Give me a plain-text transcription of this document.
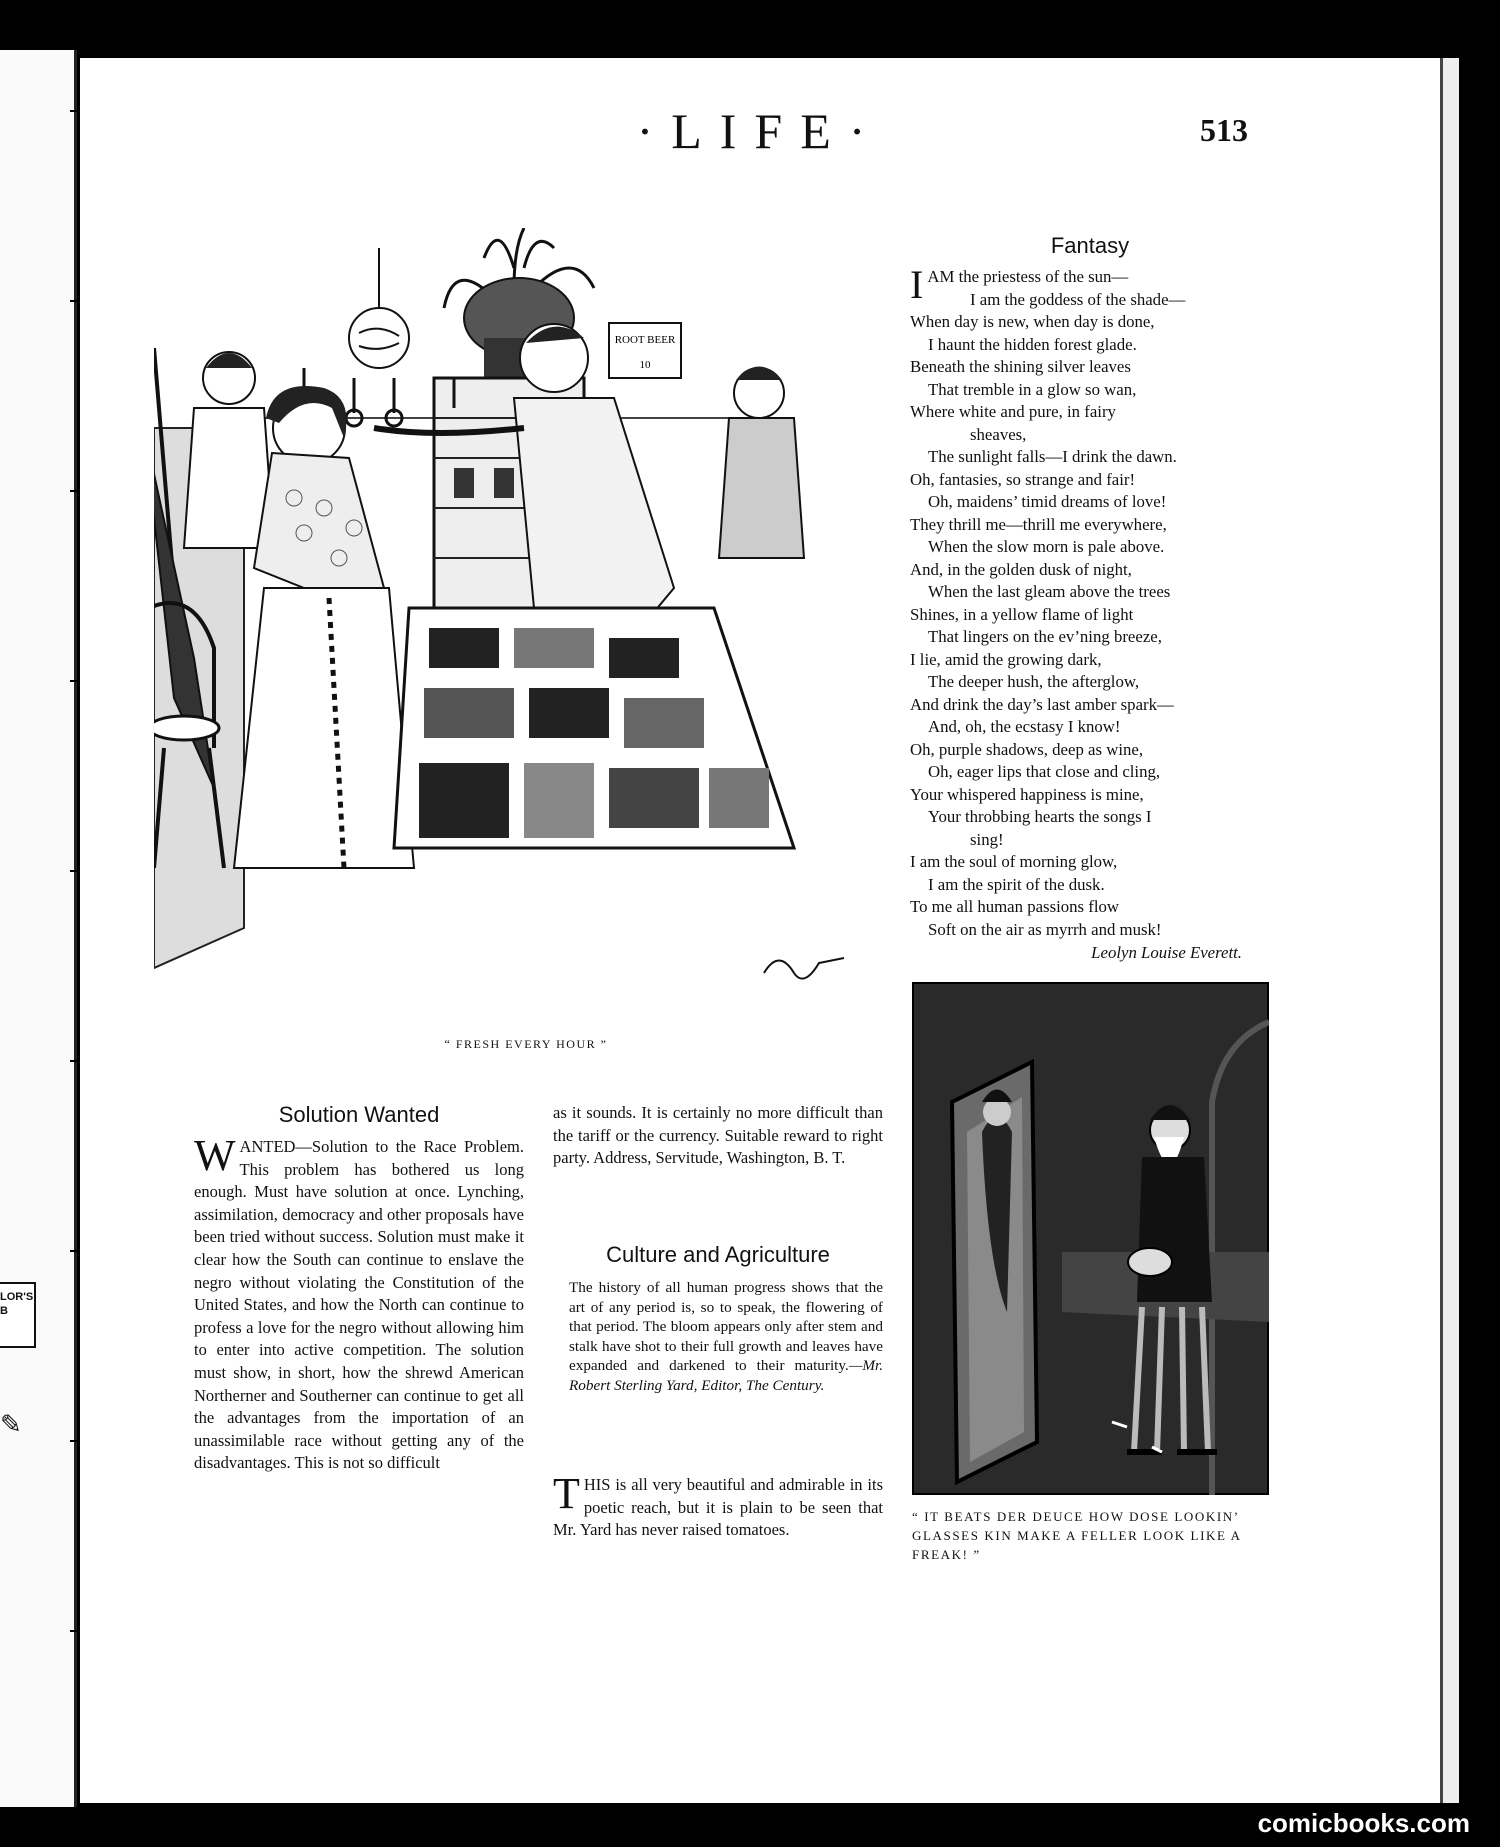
LOR'S
B
✎
·LIFE·	513
ROOT BEER
10
“ FRESH EVERY HOUR ”
Fantasy
IAM the priestess of the sun—
I am the goddess of the shade—
When day is new, when day is done,
I haunt the hidden forest glade.
Beneath the shining silver leaves
That tremble in a glow so wan,
Where white and pure, in fairy
sheaves,
The sunlight falls—I drink the dawn.
Oh, fantasies, so strange and fair!
Oh, maidens’ timid dreams of love!
They thrill me—thrill me everywhere,
When the slow morn is pale above.
And, in the golden dusk of night,
When the last gleam above the trees
Shines, in a yellow flame of light
That lingers on the ev’ning breeze,
I lie, amid the growing dark,
The deeper hush, the afterglow,
And drink the day’s last amber spark—
And, oh, the ecstasy I know!
Oh, purple shadows, deep as wine,
Oh, eager lips that close and cling,
Your whispered happiness is mine,
Your throbbing hearts the songs I
sing!
I am the soul of morning glow,
I am the spirit of the dusk.
To me all human passions flow
Soft on the air as myrrh and musk!
Leolyn Louise Everett.
“ IT BEATS DER DEUCE HOW DOSE LOOKIN’ GLASSES KIN MAKE A FELLER LOOK LIKE A FREAK! ”
Solution Wanted

WANTED—Solution to the Race Problem. This problem has bothered us long enough. Must have solution at once. Lynching, assimilation, democracy and other proposals have been tried without success. Solution must make it clear how the South can continue to enslave the negro without violating the Constitution of the United States, and how the North can continue to profess a love for the negro without allowing him to enter into active competition. The solution must show, in short, how the shrewd American Northerner and Southerner can continue to get all the advantages from the importation of an unassimilable race without getting any of the disadvantages. This is not so difficult

as it sounds. It is certainly no more difficult than the tariff or the currency. Suitable reward to right party. Address, Servitude, Washington, B. T.
Culture and Agriculture
The history of all human progress shows that the art of any period is, so to speak, the flowering of that period. The bloom appears only after stem and stalk have shot to their full growth and leaves have expanded and darkened to their maturity.—Mr. Robert Sterling Yard, Editor, The Century.

THIS is all very beautiful and admirable in its poetic reach, but it is plain to be seen that Mr. Yard has never raised tomatoes.

comicbooks.com
